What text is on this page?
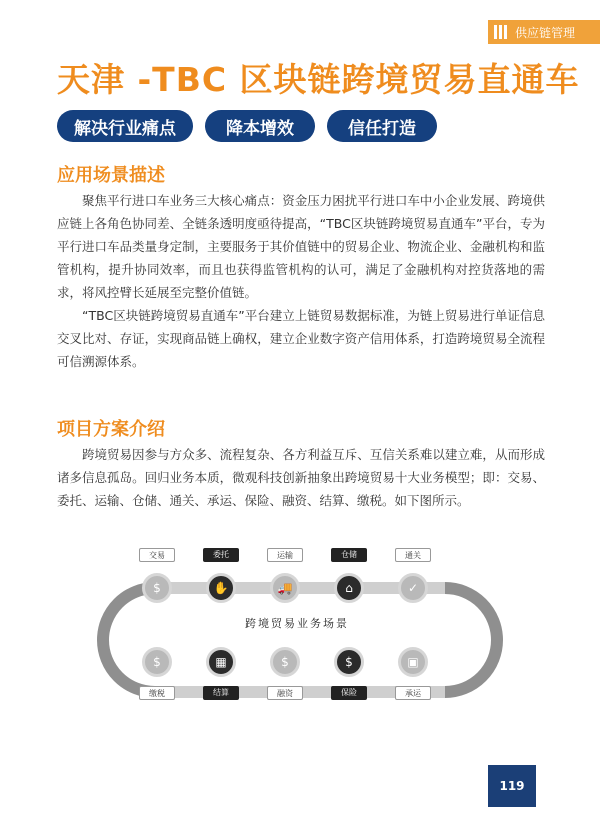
供应链管理
天津 -TBC 区块链跨境贸易直通车
解决行业痛点	降本增效	信任打造
应用场景描述

聚焦平行进口车业务三大核心痛点：资金压力困扰平行进口车中小企业发展、跨境供应链上各角色协同差、全链条透明度亟待提高，“TBC区块链跨境贸易直通车”平台，专为平行进口车品类量身定制，主要服务于其价值链中的贸易企业、物流企业、金融机构和监管机构，提升协同效率，而且也获得监管机构的认可，满足了金融机构对控货落地的需求，将风控臂长延展至完整价值链。

“TBC区块链跨境贸易直通车”平台建立上链贸易数据标准，为链上贸易进行单证信息交叉比对、存证，实现商品链上确权，建立企业数字资产信用体系，打造跨境贸易全流程可信溯源体系。

项目方案介绍

跨境贸易因参与方众多、流程复杂、各方利益互斥、互信关系难以建立难，从而形成诸多信息孤岛。回归业务本质，微观科技创新抽象出跨境贸易十大业务模型；即：交易、委托、运输、仓储、通关、承运、保险、融资、结算、缴税。如下图所示。

跨境贸易业务场景
交易
$
委托
✋
运输
🚚
仓储
⌂
通关
✓
缴税
$
结算
▦
融资
$
保险
$
承运
▣
119
